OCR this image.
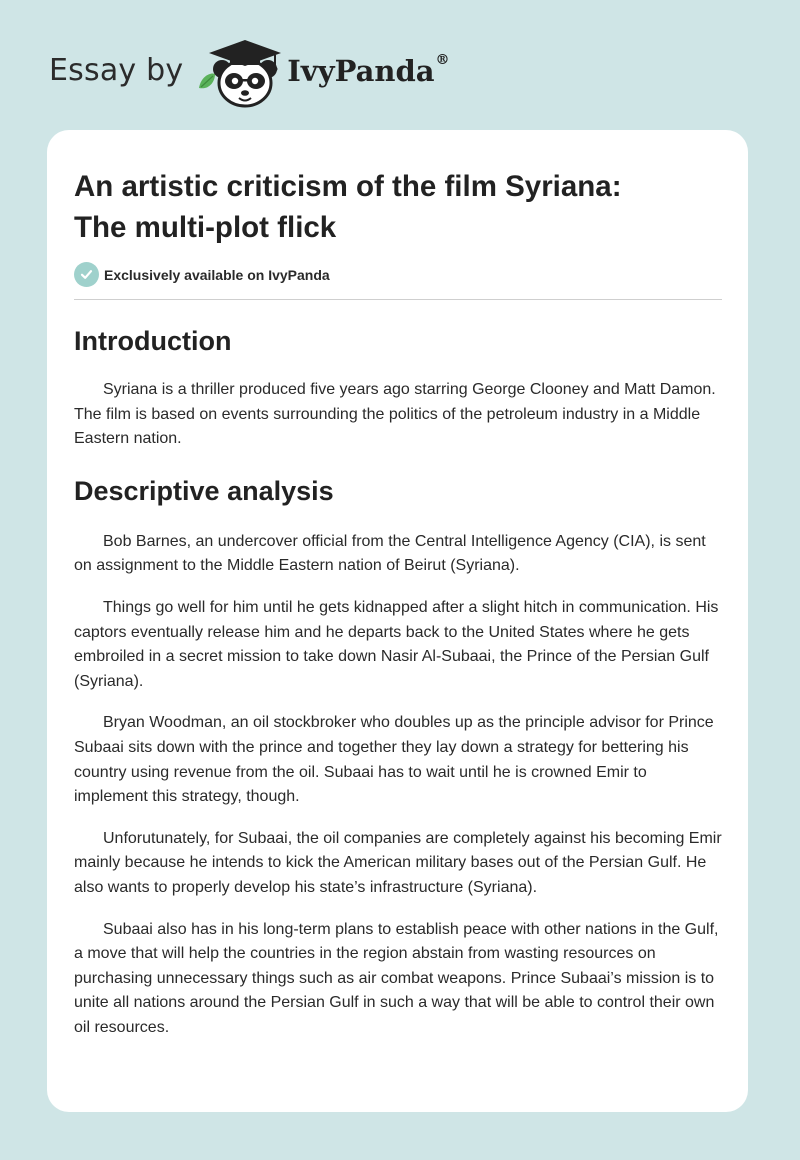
Essay by	IvyPanda®
An artistic criticism of the film Syriana:
The multi-plot flick
Exclusively available on IvyPanda
Introduction

Syriana is a thriller produced five years ago starring George Clooney and Matt Damon. The film is based on events surrounding the politics of the petroleum industry in a Middle Eastern nation.

Descriptive analysis

Bob Barnes, an undercover official from the Central Intelligence Agency (CIA), is sent on assignment to the Middle Eastern nation of Beirut (Syriana).

Things go well for him until he gets kidnapped after a slight hitch in communication. His captors eventually release him and he departs back to the United States where he gets embroiled in a secret mission to take down Nasir Al-Subaai, the Prince of the Persian Gulf (Syriana).

Bryan Woodman, an oil stockbroker who doubles up as the principle advisor for Prince Subaai sits down with the prince and together they lay down a strategy for bettering his country using revenue from the oil. Subaai has to wait until he is crowned Emir to implement this strategy, though.

Unforutunately, for Subaai, the oil companies are completely against his becoming Emir mainly because he intends to kick the American military bases out of the Persian Gulf. He also wants to properly develop his state’s infrastructure (Syriana).

Subaai also has in his long-term plans to establish peace with other nations in the Gulf, a move that will help the countries in the region abstain from wasting resources on purchasing unnecessary things such as air combat weapons. Prince Subaai’s mission is to unite all nations around the Persian Gulf in such a way that will be able to control their own oil resources.
